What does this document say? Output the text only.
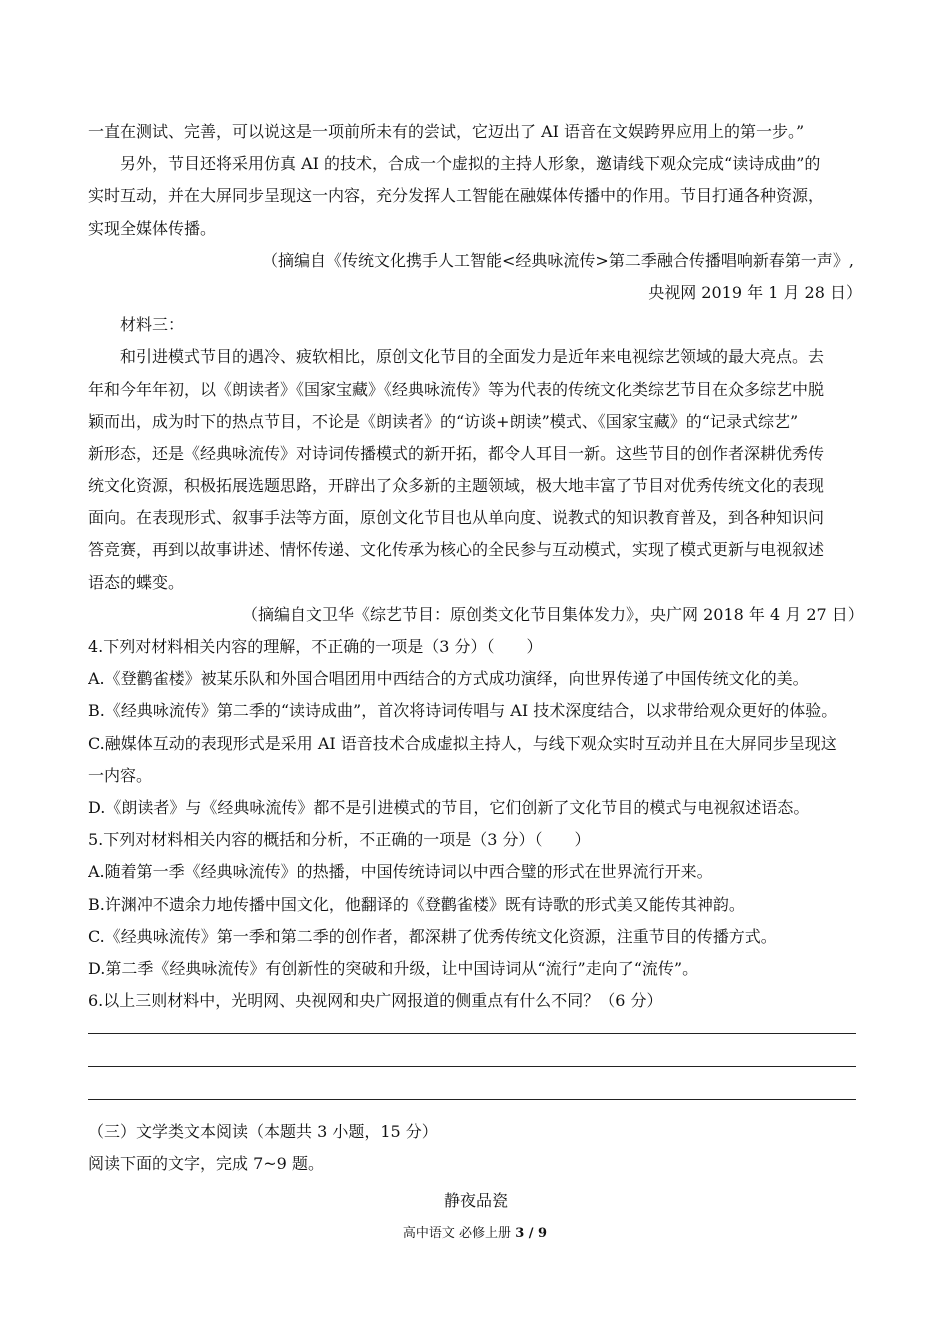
一直在测试、完善，可以说这是一项前所未有的尝试，它迈出了 AI 语音在文娱跨界应用上的第一步。”

另外，节目还将采用仿真 AI 的技术，合成一个虚拟的主持人形象，邀请线下观众完成“读诗成曲”的

实时互动，并在大屏同步呈现这一内容，充分发挥人工智能在融媒体传播中的作用。节目打通各种资源，

实现全媒体传播。

（摘编自《传统文化携手人工智能<经典咏流传>第二季融合传播唱响新春第一声》,

央视网 2019 年 1 月 28 日）

材料三：

和引进模式节目的遇冷、疲软相比，原创文化节目的全面发力是近年来电视综艺领域的最大亮点。去

年和今年年初，以《朗读者》《国家宝藏》《经典咏流传》等为代表的传统文化类综艺节目在众多综艺中脱

颖而出，成为时下的热点节目，不论是《朗读者》的“访谈+朗读”模式、《国家宝藏》的“记录式综艺”

新形态，还是《经典咏流传》对诗词传播模式的新开拓，都令人耳目一新。这些节目的创作者深耕优秀传

统文化资源，积极拓展选题思路，开辟出了众多新的主题领域，极大地丰富了节目对优秀传统文化的表现

面向。在表现形式、叙事手法等方面，原创文化节目也从单向度、说教式的知识教育普及，到各种知识问

答竞赛，再到以故事讲述、情怀传递、文化传承为核心的全民参与互动模式，实现了模式更新与电视叙述

语态的蝶变。

（摘编自文卫华《综艺节目：原创类文化节目集体发力》，央广网 2018 年 4 月 27 日）

4.下列对材料相关内容的理解，不正确的一项是（3 分）（　　）

A.《登鹳雀楼》被某乐队和外国合唱团用中西结合的方式成功演绎，向世界传递了中国传统文化的美。

B.《经典咏流传》第二季的“读诗成曲”，首次将诗词传唱与 AI 技术深度结合，以求带给观众更好的体验。

C.融媒体互动的表现形式是采用 AI 语音技术合成虚拟主持人，与线下观众实时互动并且在大屏同步呈现这

一内容。

D.《朗读者》与《经典咏流传》都不是引进模式的节目，它们创新了文化节目的模式与电视叙述语态。

5.下列对材料相关内容的概括和分析，不正确的一项是（3 分）（　　）

A.随着第一季《经典咏流传》的热播，中国传统诗词以中西合璧的形式在世界流行开来。

B.许渊冲不遗余力地传播中国文化，他翻译的《登鹳雀楼》既有诗歌的形式美又能传其神韵。

C.《经典咏流传》第一季和第二季的创作者，都深耕了优秀传统文化资源，注重节目的传播方式。

D.第二季《经典咏流传》有创新性的突破和升级，让中国诗词从“流行”走向了“流传”。

6.以上三则材料中，光明网、央视网和央广网报道的侧重点有什么不同？（6 分）

（三）文学类文本阅读（本题共 3 小题，15 分）

阅读下面的文字，完成 7~9 题。

静夜品瓷

高中语文 必修上册 3 / 9
